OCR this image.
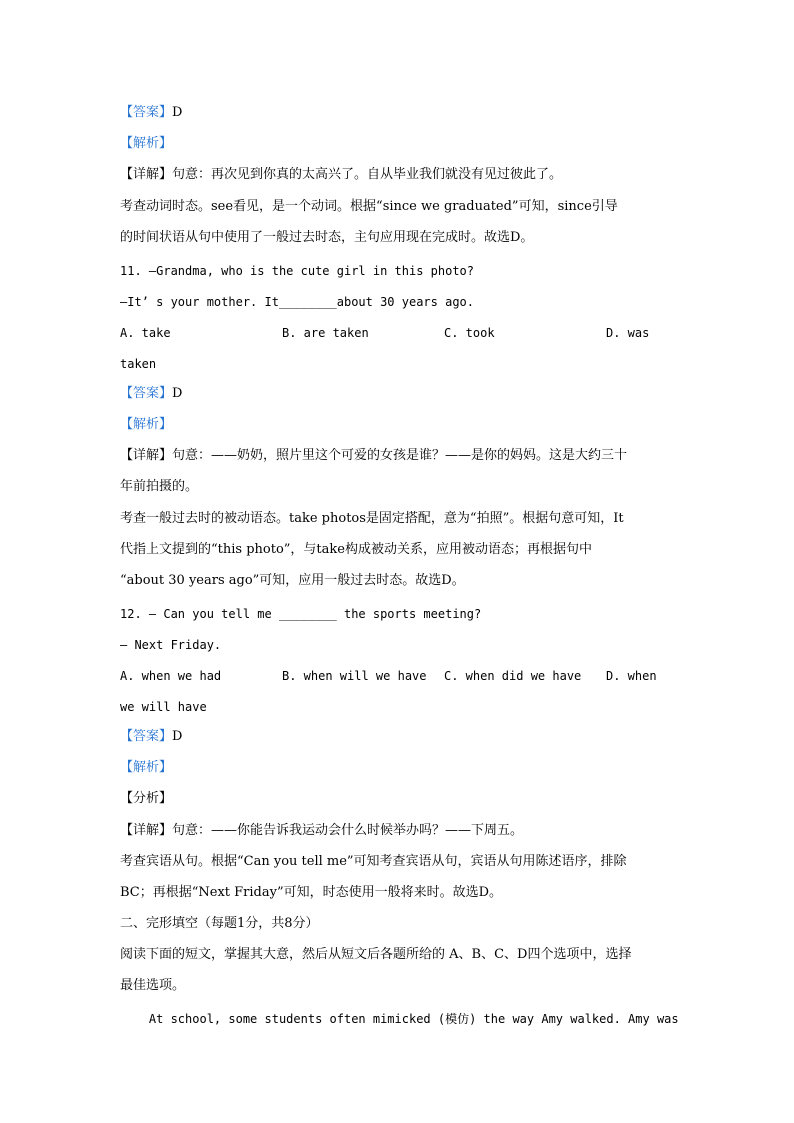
【答案】D
【解析】
【详解】句意：再次见到你真的太高兴了。自从毕业我们就没有见过彼此了。
考查动词时态。see看见，是一个动词。根据“since we graduated”可知，since引导
的时间状语从句中使用了一般过去时态，主句应用现在完成时。故选D。
11. —Grandma, who is the cute girl in this photo?
—It’ s your mother. It________about 30 years ago.
A. take	B. are taken	C. took	D. was
taken
【答案】D
【解析】
【详解】句意：——奶奶，照片里这个可爱的女孩是谁？——是你的妈妈。这是大约三十
年前拍摄的。
考查一般过去时的被动语态。take photos是固定搭配，意为“拍照”。根据句意可知，It
代指上文提到的“this photo”，与take构成被动关系，应用被动语态；再根据句中
“about 30 years ago”可知，应用一般过去时态。故选D。
12. — Can you tell me ________ the sports meeting?
— Next Friday.
A. when we had	B. when will we have C. when did we have D. when
we will have
【答案】D
【解析】
【分析】
【详解】句意：——你能告诉我运动会什么时候举办吗？——下周五。
考查宾语从句。根据“Can you tell me”可知考查宾语从句，宾语从句用陈述语序，排除
BC；再根据“Next Friday”可知，时态使用一般将来时。故选D。
二、完形填空（每题1分，共8分）
阅读下面的短文，掌握其大意，然后从短文后各题所给的 A、B、C、D四个选项中，选择
最佳选项。
At school, some students often mimicked (模仿) the way Amy walked. Amy was
